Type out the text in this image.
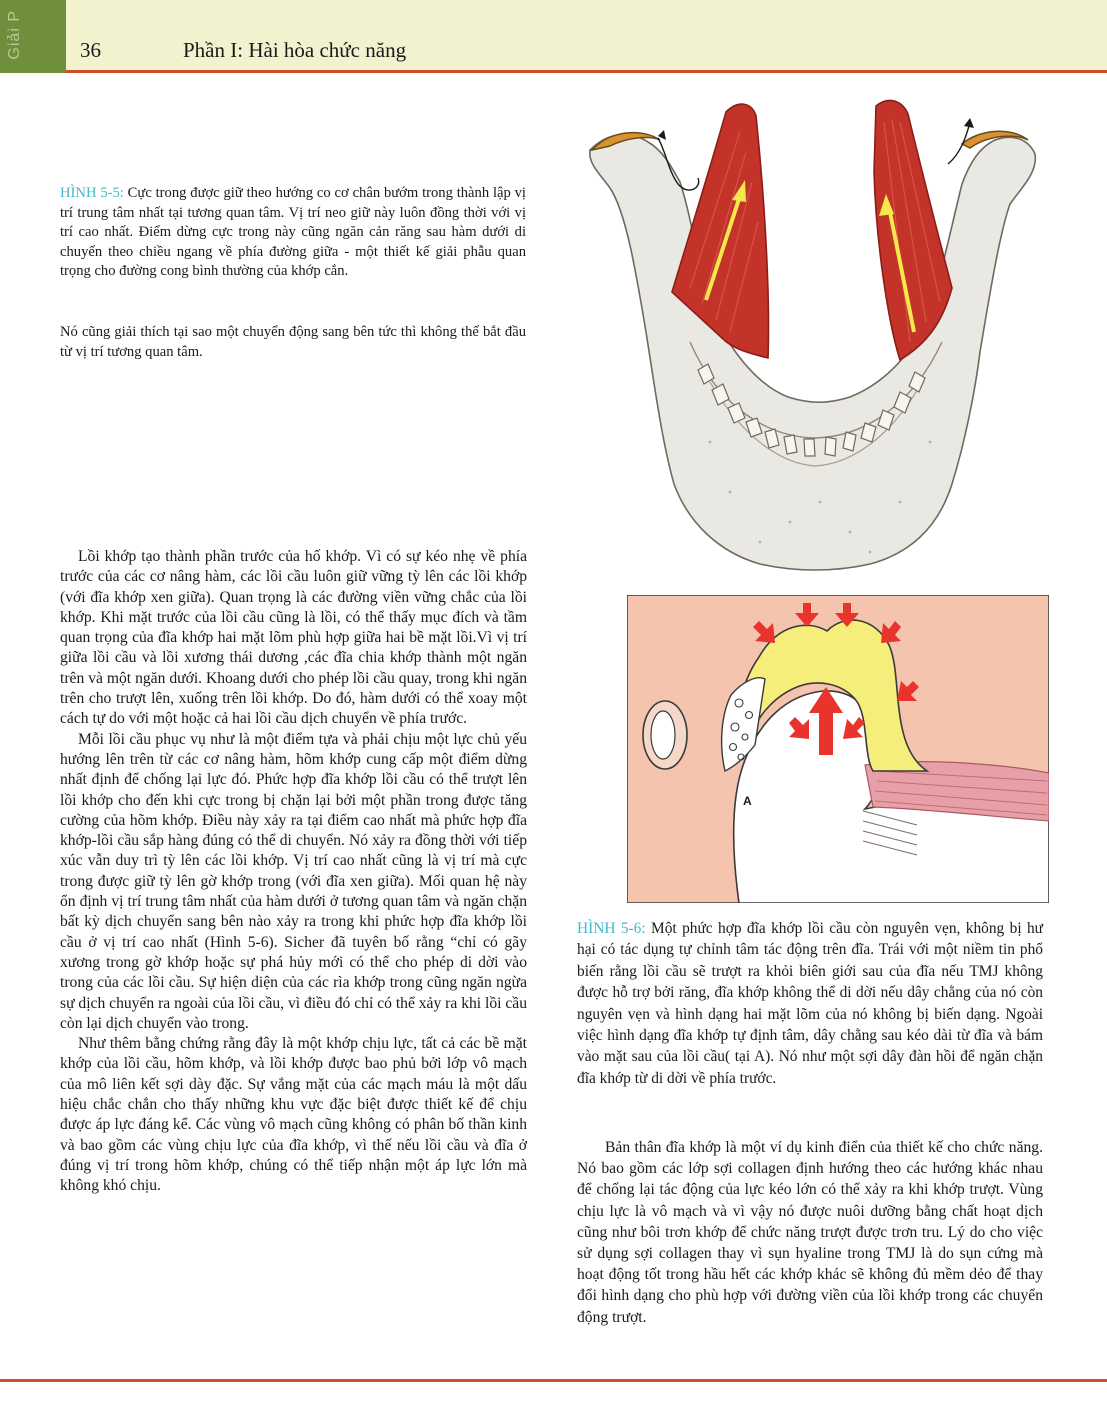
Giải P	36	Phần I: Hài hòa chức năng
HÌNH 5-5: Cực trong được giữ theo hướng co cơ chân bướm trong thành lập vị trí trung tâm nhất tại tương quan tâm. Vị trí neo giữ này luôn đồng thời với vị trí cao nhất. Điểm dừng cực trong này cũng ngăn cản răng sau hàm dưới di chuyển theo chiều ngang về phía đường giữa - một thiết kế giải phẫu quan trọng cho đường cong bình thường của khớp cắn.
Nó cũng giải thích tại sao một chuyển động sang bên tức thì không thể bắt đầu từ vị trí tương quan tâm.

Lồi khớp tạo thành phần trước của hố khớp. Vì có sự kéo nhẹ về phía trước của các cơ nâng hàm, các lồi cầu luôn giữ vững tỳ lên các lồi khớp (với đĩa khớp xen giữa). Quan trọng là các đường viền vững chắc của lồi khớp. Khi mặt trước của lồi cầu cũng là lồi, có thể thấy mục đích và tầm quan trọng của đĩa khớp hai mặt lõm phù hợp giữa hai bề mặt lồi.Vì vị trí giữa lồi cầu và lồi xương thái dương ,các đĩa chia khớp thành một ngăn trên và một ngăn dưới. Khoang dưới cho phép lồi cầu quay, trong khi ngăn trên cho trượt lên, xuống trên lồi khớp. Do đó, hàm dưới có thể xoay một cách tự do với một hoặc cả hai lồi cầu dịch chuyển về phía trước.

Mỗi lồi cầu phục vụ như là một điểm tựa và phải chịu một lực chủ yếu hướng lên trên từ các cơ nâng hàm, hõm khớp cung cấp một điểm dừng nhất định để chống lại lực đó. Phức hợp đĩa khớp lồi cầu có thể trượt lên lồi khớp cho đến khi cực trong bị chặn lại bởi một phần trong được tăng cường của hõm khớp. Điều này xảy ra tại điểm cao nhất mà phức hợp đĩa khớp-lồi cầu sắp hàng đúng có thể di chuyển. Nó xảy ra đồng thời với tiếp xúc vẫn duy trì tỳ lên các lồi khớp. Vị trí cao nhất cũng là vị trí mà cực trong được giữ tỳ lên gờ khớp trong (với đĩa xen giữa). Mối quan hệ này ổn định vị trí trung tâm nhất của hàm dưới ở tương quan tâm và ngăn chặn bất kỳ dịch chuyển sang bên nào xảy ra trong khi phức hợp đĩa khớp lồi cầu ở vị trí cao nhất (Hình 5-6). Sicher đã tuyên bố rằng “chỉ có gãy xương trong gờ khớp hoặc sự phá hủy mới có thể cho phép di dời vào trong của các lồi cầu. Sự hiện diện của các rìa khớp trong cũng ngăn ngừa sự dịch chuyển ra ngoài của lồi cầu, vì điều đó chỉ có thể xảy ra khi lồi cầu còn lại dịch chuyển vào trong.

Như thêm bằng chứng rằng đây là một khớp chịu lực, tất cả các bề mặt khớp của lồi cầu, hõm khớp, và lồi khớp được bao phủ bởi lớp vô mạch của mô liên kết sợi dày đặc. Sự vắng mặt của các mạch máu là một dấu hiệu chắc chắn cho thấy những khu vực đặc biệt được thiết kế để chịu được áp lực đáng kể. Các vùng vô mạch cũng không có phân bố thần kinh và bao gồm các vùng chịu lực của đĩa khớp, vì thế nếu lồi cầu và đĩa ở đúng vị trí trong hõm khớp, chúng có thể tiếp nhận một áp lực lớn mà không khó chịu.

A
HÌNH 5-6: Một phức hợp đĩa khớp lồi cầu còn nguyên vẹn, không bị hư hại có tác dụng tự chỉnh tâm tác động trên đĩa. Trái với một niềm tin phổ biến rằng lồi cầu sẽ trượt ra khỏi biên giới sau của đĩa nếu TMJ không được hỗ trợ bởi răng, đĩa khớp không thể di dời nếu dây chằng của nó còn nguyên vẹn và hình dạng hai mặt lõm của nó không bị biến dạng. Ngoài việc hình dạng đĩa khớp tự định tâm, dây chằng sau kéo dài từ đĩa và bám vào mặt sau của lồi cầu( tại A). Nó như một sợi dây đàn hồi để ngăn chặn đĩa khớp từ di dời về phía trước.

Bản thân đĩa khớp là một ví dụ kinh điển của thiết kế cho chức năng. Nó bao gồm các lớp sợi collagen định hướng theo các hướng khác nhau để chống lại tác động của lực kéo lớn có thể xảy ra khi khớp trượt. Vùng chịu lực là vô mạch và vì vậy nó được nuôi dưỡng bằng chất hoạt dịch cũng như bôi trơn khớp để chức năng trượt được trơn tru. Lý do cho việc sử dụng sợi collagen thay vì sụn hyaline trong TMJ là do sụn cứng mà hoạt động tốt trong hầu hết các khớp khác sẽ không đủ mềm dẻo để thay đổi hình dạng cho phù hợp với đường viền của lồi khớp trong các chuyển động trượt.
